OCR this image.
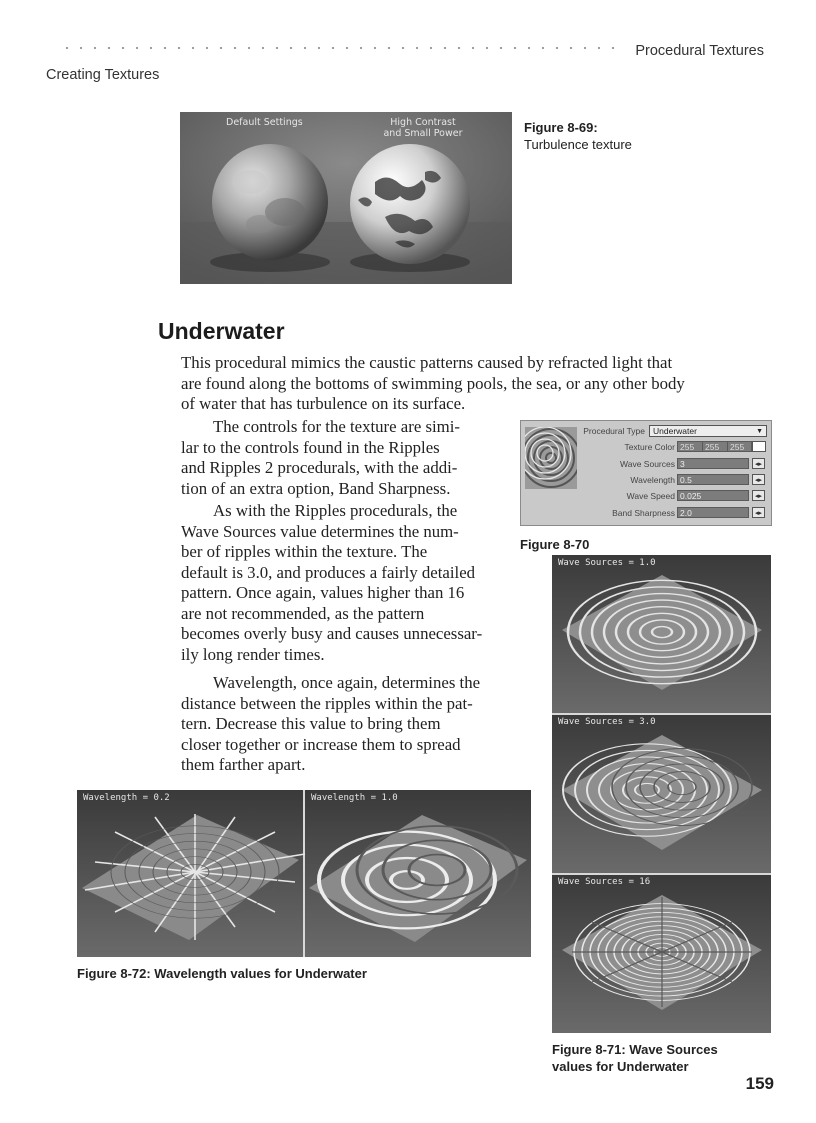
Procedural Textures
Creating Textures
Default Settings	High Contrast
and Small Power	Figure 8-69:
Turbulence texture
Underwater

This procedural mimics the caustic patterns caused by refracted light that

are found along the bottoms of swimming pools, the sea, or any other body

of water that has turbulence on its surface.

The controls for the texture are simi-

lar to the controls found in the Ripples

and Ripples 2 procedurals, with the addi-

tion of an extra option, Band Sharpness.

As with the Ripples procedurals, the

Wave Sources value determines the num-

ber of ripples within the texture. The

default is 3.0, and produces a fairly detailed

pattern. Once again, values higher than 16

are not recommended, as the pattern

becomes overly busy and causes unnecessar-

ily long render times.

Wavelength, once again, determines the

distance between the ripples within the pat-

tern. Decrease this value to bring them

closer together or increase them to spread

them farther apart.

Procedural Type Underwater	▼
Texture Color 255	255	255
Wave Sources 3	◂▸
Wavelength 0.5	◂▸
Wave Speed 0.025	◂▸
Band Sharpness 2.0	◂▸
Figure 8-70
Wave Sources = 1.0
Wave Sources = 3.0
Wave Sources = 16
Figure 8-71: Wave Sources
values for Underwater
Wavelength = 0.2	Wavelength = 1.0
Figure 8-72: Wavelength values for Underwater
159
